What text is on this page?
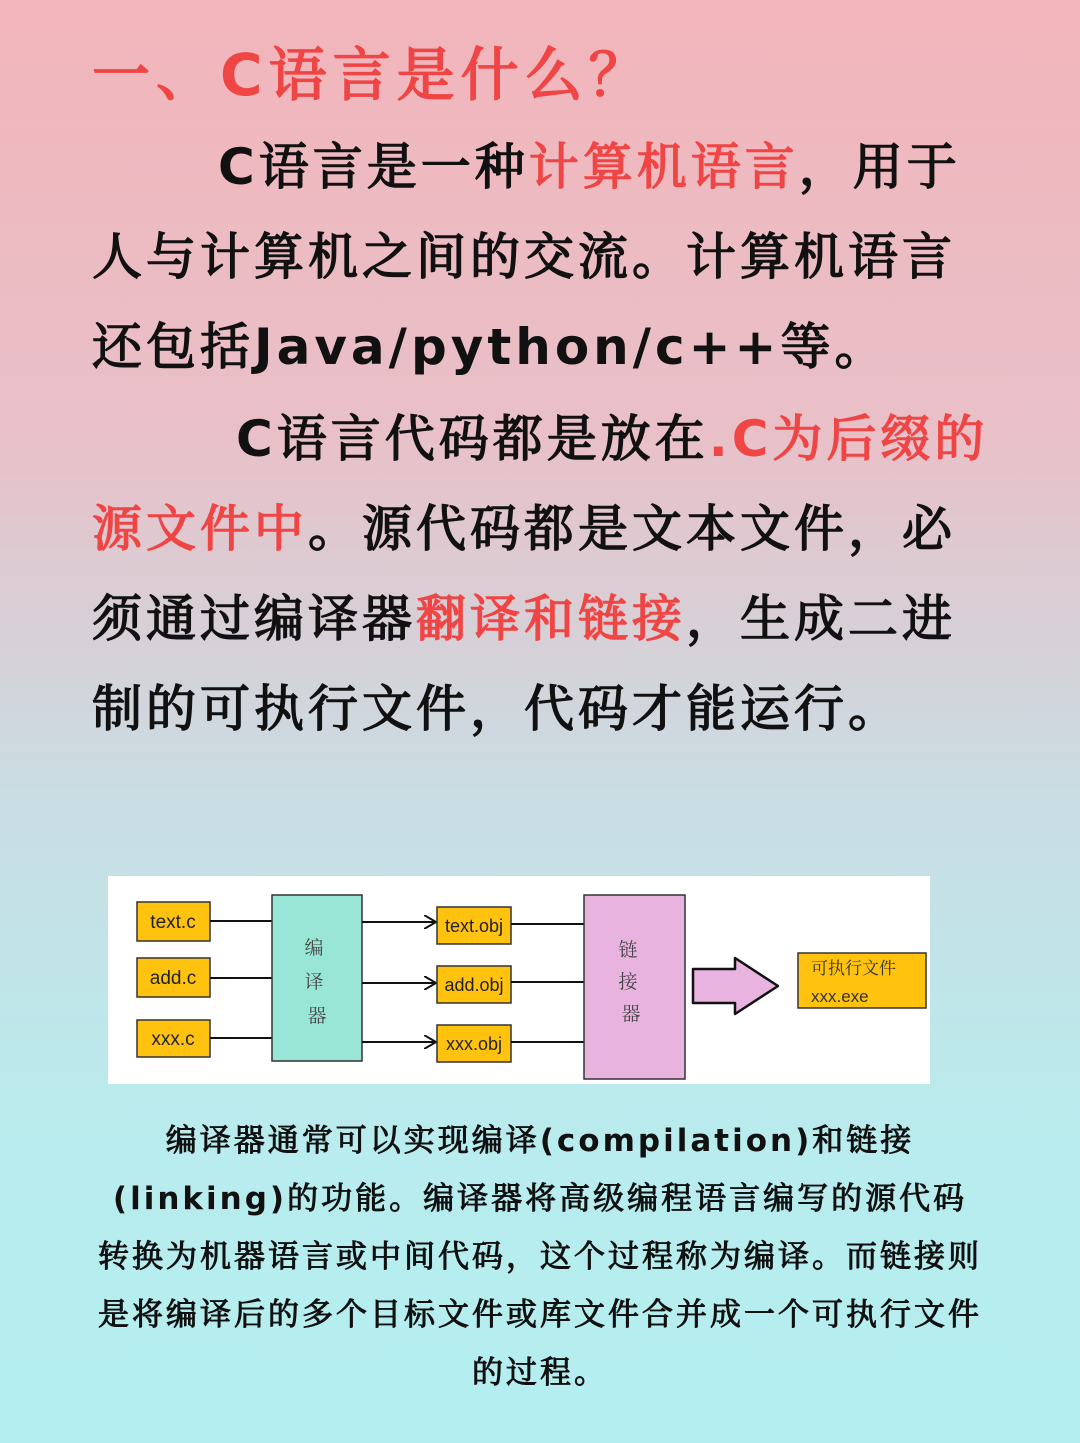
一、C语言是什么？
C语言是一种计算机语言，用于人与计算机之间的交流。计算机语言还包括Java/python/c++等。
C语言代码都是放在.C为后缀的源文件中。源代码都是文本文件，必须通过编译器翻译和链接，生成二进制的可执行文件，代码才能运行。
text.c
add.c
xxx.c
编 译 器
text.obj
add.obj
xxx.obj
链 接 器
可执行文件
xxx.exe
编译器通常可以实现编译(compilation)和链接(linking)的功能。编译器将高级编程语言编写的源代码转换为机器语言或中间代码，这个过程称为编译。而链接则是将编译后的多个目标文件或库文件合并成一个可执行文件的过程。
